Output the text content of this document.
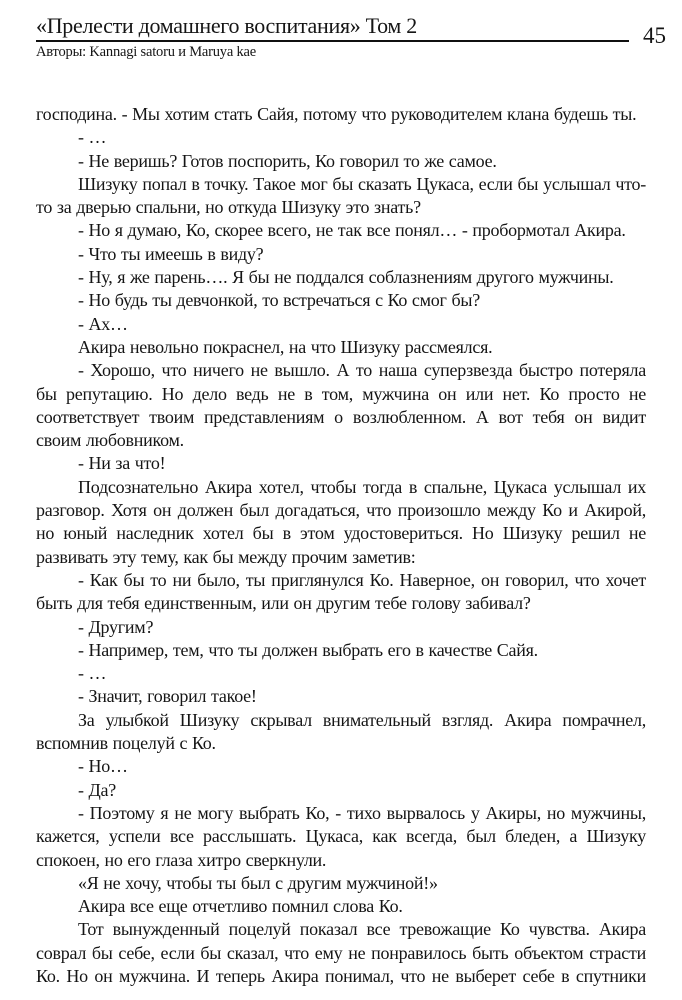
«Прелести домашнего воспитания» Том 2	45
Авторы: Kannagi satoru и Maruya kae

господина. - Мы хотим стать Сайя, потому что руководителем клана будешь ты.

- …

- Не веришь? Готов поспорить, Ко говорил то же самое.

Шизуку попал в точку. Такое мог бы сказать Цукаса, если бы услышал что-то за дверью спальни, но откуда Шизуку это знать?

- Но я думаю, Ко, скорее всего, не так все понял… - пробормотал Акира.

- Что ты имеешь в виду?

- Ну, я же парень…. Я бы не поддался соблазнениям другого мужчины.

- Но будь ты девчонкой, то встречаться с Ко смог бы?

- Ах…

Акира невольно покраснел, на что Шизуку рассмеялся.

- Хорошо, что ничего не вышло. А то наша суперзвезда быстро потеряла бы репутацию. Но дело ведь не в том, мужчина он или нет. Ко просто не соответствует твоим представлениям о возлюбленном. А вот тебя он видит своим любовником.

- Ни за что!

Подсознательно Акира хотел, чтобы тогда в спальне, Цукаса услышал их разговор. Хотя он должен был догадаться, что произошло между Ко и Акирой, но юный наследник хотел бы в этом удостовериться. Но Шизуку решил не развивать эту тему, как бы между прочим заметив:

- Как бы то ни было, ты приглянулся Ко. Наверное, он говорил, что хочет быть для тебя единственным, или он другим тебе голову забивал?

- Другим?

- Например, тем, что ты должен выбрать его в качестве Сайя.

- …

- Значит, говорил такое!

За улыбкой Шизуку скрывал внимательный взгляд. Акира помрачнел, вспомнив поцелуй с Ко.

- Но…

- Да?

- Поэтому я не могу выбрать Ко, - тихо вырвалось у Акиры, но мужчины, кажется, успели все расслышать. Цукаса, как всегда, был бледен, а Шизуку спокоен, но его глаза хитро сверкнули.

«Я не хочу, чтобы ты был с другим мужчиной!»

Акира все еще отчетливо помнил слова Ко.

Тот вынужденный поцелуй показал все тревожащие Ко чувства. Акира соврал бы себе, если бы сказал, что ему не понравилось быть объектом страсти Ко. Но он мужчина. И теперь Акира понимал, что не выберет себе в спутники
